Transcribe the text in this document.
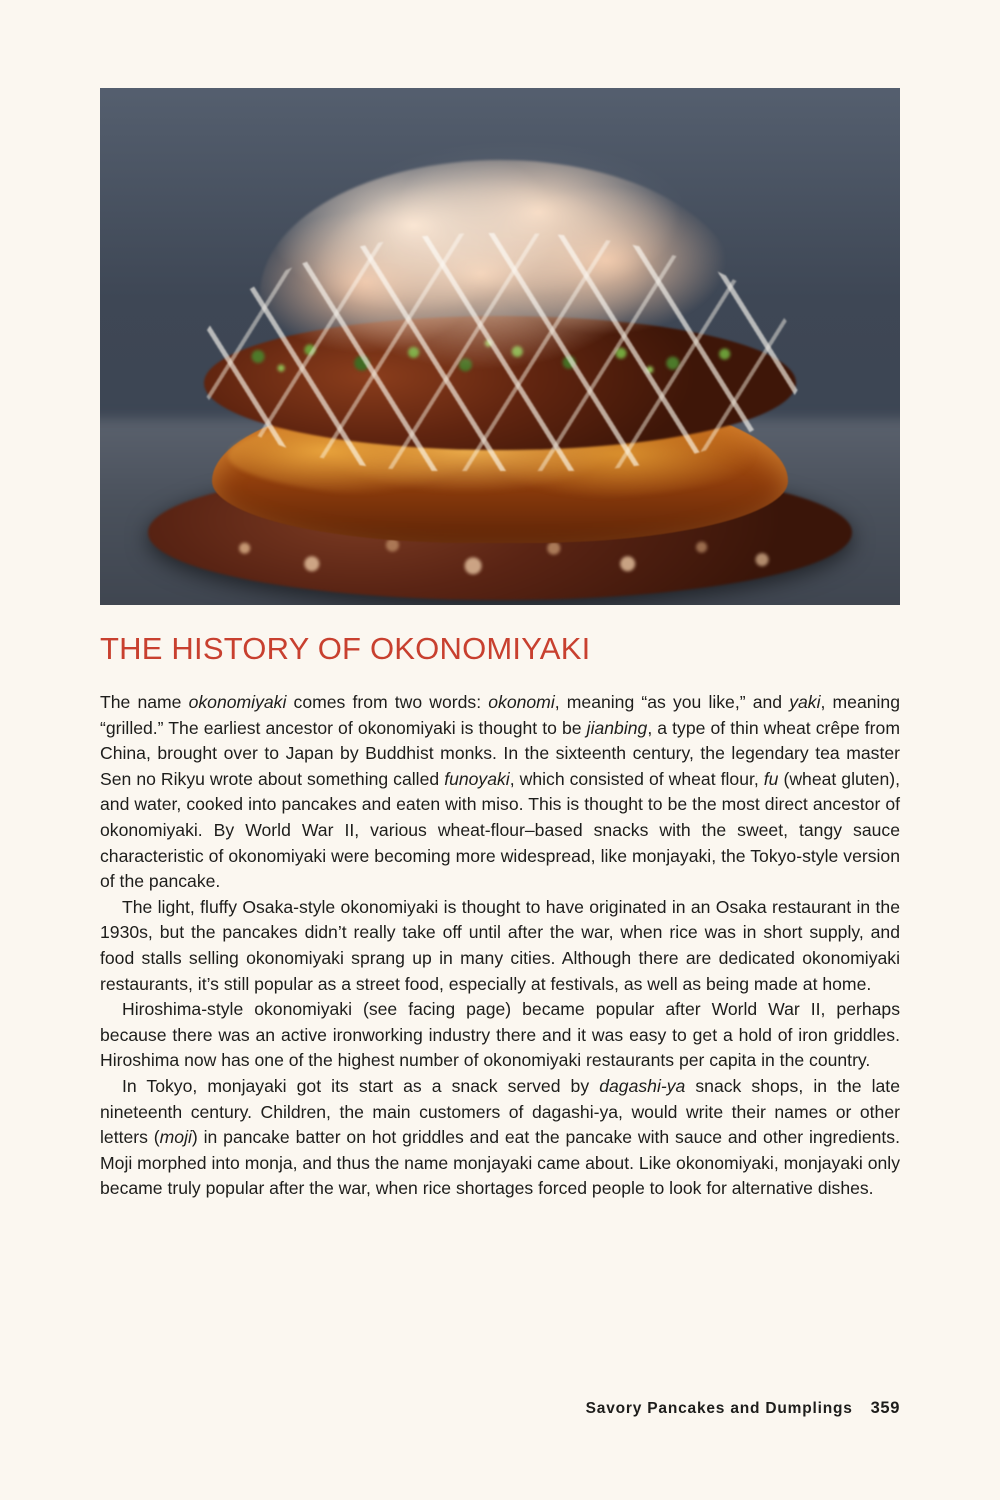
THE HISTORY OF OKONOMIYAKI

The name okonomiyaki comes from two words: okonomi, meaning “as you like,” and yaki, meaning “grilled.” The earliest ancestor of okonomiyaki is thought to be jianbing, a type of thin wheat crêpe from China, brought over to Japan by Buddhist monks. In the sixteenth century, the legendary tea master Sen no Rikyu wrote about something called funoyaki, which consisted of wheat flour, fu (wheat gluten), and water, cooked into pancakes and eaten with miso. This is thought to be the most direct ancestor of okonomiyaki. By World War II, various wheat-flour–based snacks with the sweet, tangy sauce characteristic of okonomiyaki were becoming more widespread, like monjayaki, the Tokyo-style version of the pancake.

The light, fluffy Osaka-style okonomiyaki is thought to have originated in an Osaka restaurant in the 1930s, but the pancakes didn’t really take off until after the war, when rice was in short supply, and food stalls selling okonomiyaki sprang up in many cities. Although there are dedicated okonomiyaki restaurants, it’s still popular as a street food, especially at festivals, as well as being made at home.

Hiroshima-style okonomiyaki (see facing page) became popular after World War II, perhaps because there was an active ironworking industry there and it was easy to get a hold of iron griddles. Hiroshima now has one of the highest number of okonomiyaki restaurants per capita in the country.

In Tokyo, monjayaki got its start as a snack served by dagashi-ya snack shops, in the late nineteenth century. Children, the main customers of dagashi-ya, would write their names or other letters (moji) in pancake batter on hot griddles and eat the pancake with sauce and other ingredients. Moji morphed into monja, and thus the name monjayaki came about. Like okonomiyaki, monjayaki only became truly popular after the war, when rice shortages forced people to look for alternative dishes.

Savory Pancakes and Dumplings 359
